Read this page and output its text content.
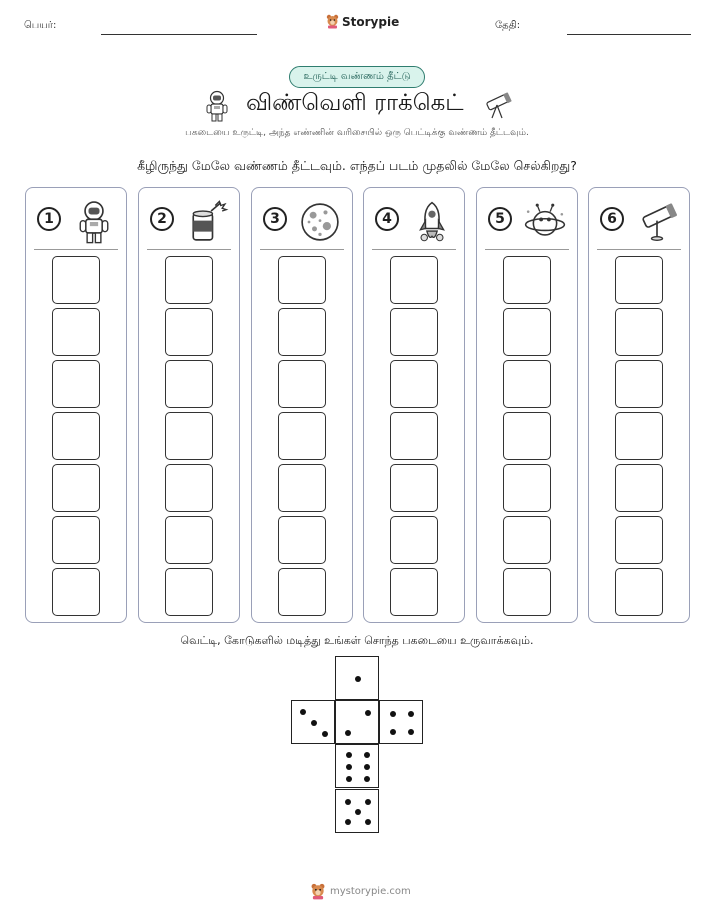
பெயர்:	Storypie	தேதி:
உருட்டி வண்ணம் தீட்டு
விண்வெளி ராக்கெட்
பகடையை உருட்டி, அந்த எண்ணின் வரிசையில் ஒரு பெட்டிக்கு வண்ணம் தீட்டவும்.
கீழிருந்து மேலே வண்ணம் தீட்டவும். எந்தப் படம் முதலில் மேலே செல்கிறது?
1	2	3	4	5	6
வெட்டி, கோடுகளில் மடித்து உங்கள் சொந்த பகடையை உருவாக்கவும்.
mystorypie.com
